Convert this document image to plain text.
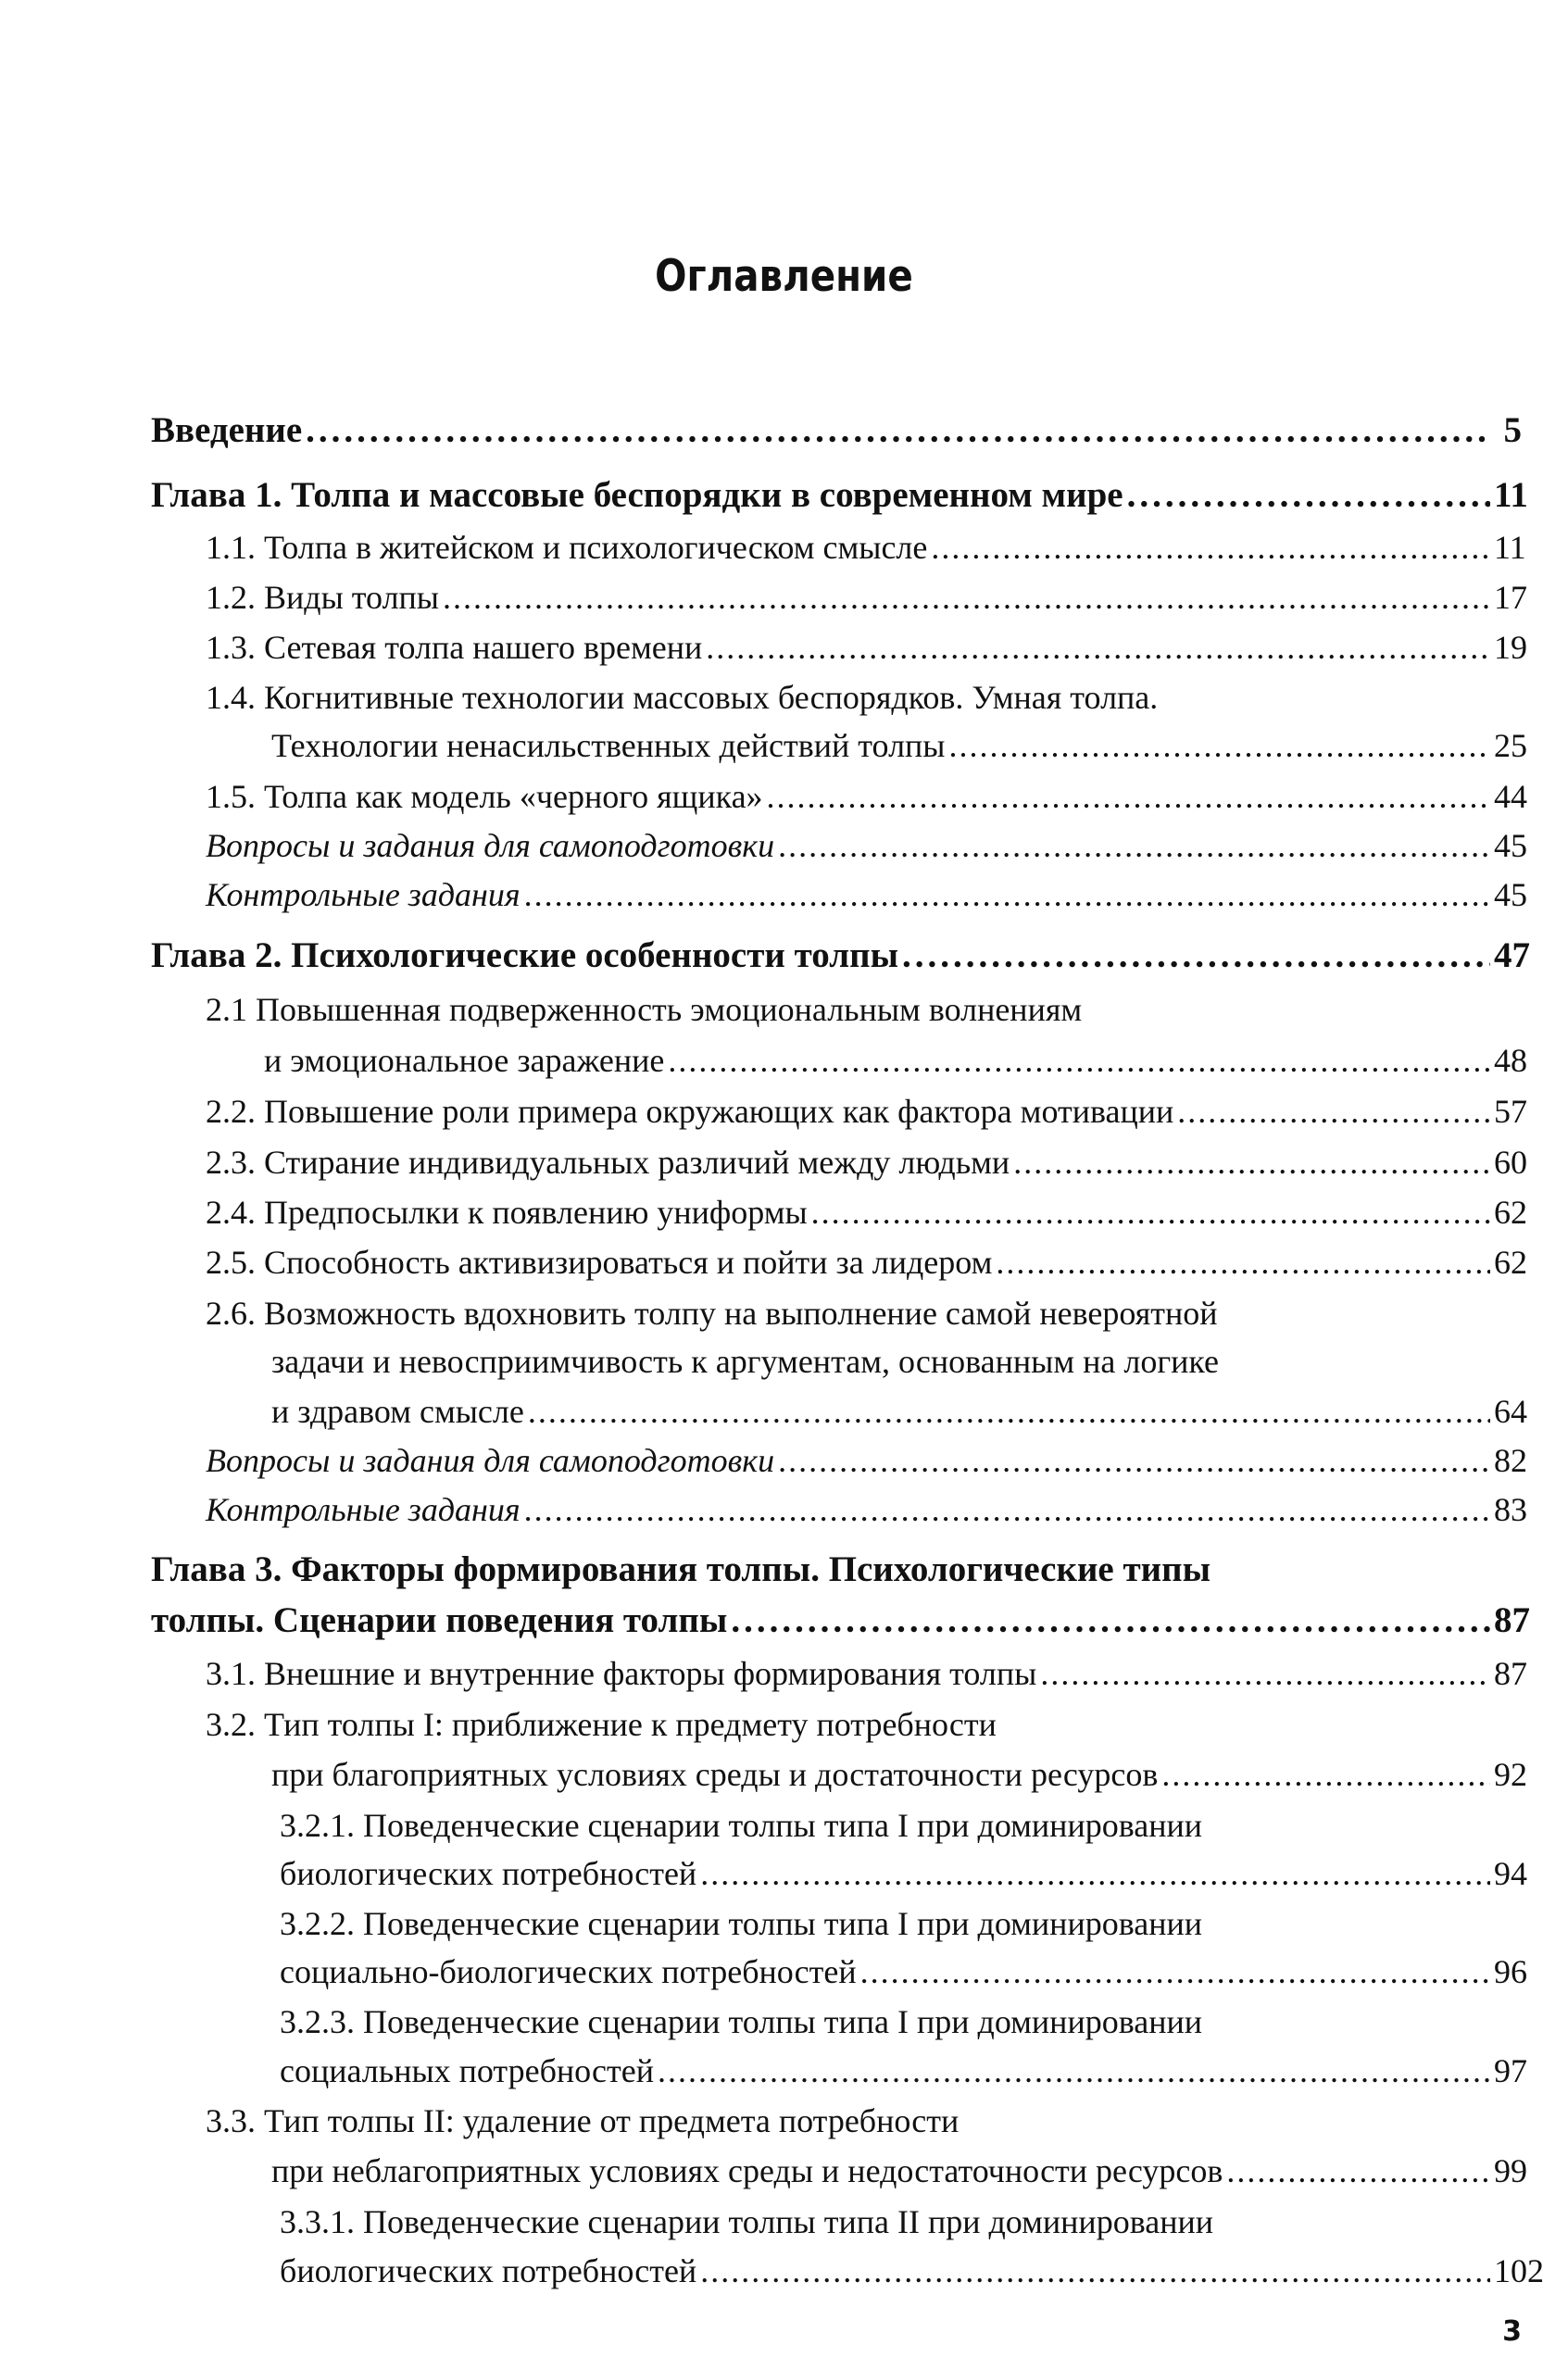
Оглавление
Введение .....	5
Глава 1. Толпа и массовые беспорядки в современном мире .....	11
1.1. Толпа в житейском и психологическом смысле .....	11
1.2. Виды толпы .....	17
1.3. Сетевая толпа нашего времени .....	19
1.4. Когнитивные технологии массовых беспорядков. Умная толпа.
Технологии ненасильственных действий толпы .....	25
1.5. Толпа как модель «черного ящика» .....	44
Вопросы и задания для самоподготовки .....	45
Контрольные задания .....	45
Глава 2. Психологические особенности толпы .....	47
2.1 Повышенная подверженность эмоциональным волнениям
и эмоциональное заражение .....	48
2.2. Повышение роли примера окружающих как фактора мотивации .....	57
2.3. Стирание индивидуальных различий между людьми .....	60
2.4. Предпосылки к появлению униформы .....	62
2.5. Способность активизироваться и пойти за лидером .....	62
2.6. Возможность вдохновить толпу на выполнение самой невероятной
задачи и невосприимчивость к аргументам, основанным на логике
и здравом смысле .....	64
Вопросы и задания для самоподготовки .....	82
Контрольные задания .....	83
Глава 3. Факторы формирования толпы. Психологические типы
толпы. Сценарии поведения толпы .....	87
3.1. Внешние и внутренние факторы формирования толпы .....	87
3.2. Тип толпы I: приближение к предмету потребности
при благоприятных условиях среды и достаточности ресурсов .....	92
3.2.1. Поведенческие сценарии толпы типа I при доминировании
биологических потребностей .....	94
3.2.2. Поведенческие сценарии толпы типа I при доминировании
социально-биологических потребностей .....	96
3.2.3. Поведенческие сценарии толпы типа I при доминировании
социальных потребностей .....	97
3.3. Тип толпы II: удаление от предмета потребности
при неблагоприятных условиях среды и недостаточности ресурсов .....	99
3.3.1. Поведенческие сценарии толпы типа II при доминировании
биологических потребностей .....	102
3
